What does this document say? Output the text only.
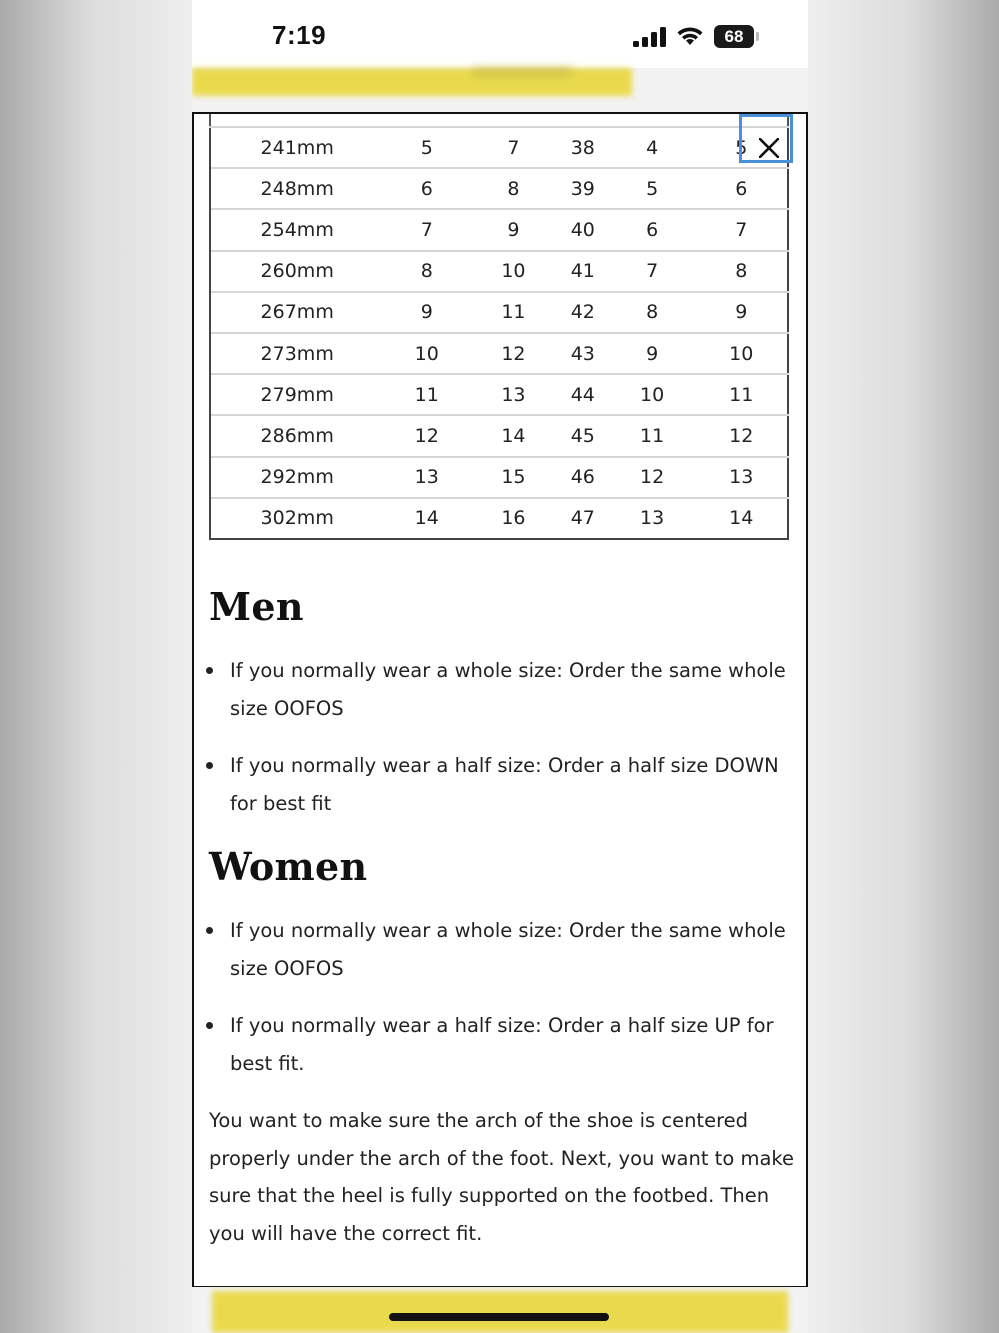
7:19	68
241mm	5	7	38	4	5
248mm	6	8	39	5	6
254mm	7	9	40	6	7
260mm	8	10	41	7	8
267mm	9	11	42	8	9
273mm	10	12	43	9	10
279mm	11	13	44	10	11
286mm	12	14	45	11	12
292mm	13	15	46	12	13
302mm	14	16	47	13	14
Men
If you normally wear a whole size: Order the same whole size OOFOS
If you normally wear a half size: Order a half size DOWN for best fit
Women
If you normally wear a whole size: Order the same whole size OOFOS
If you normally wear a half size: Order a half size UP for best fit.

You want to make sure the arch of the shoe is centered properly under the arch of the foot. Next, you want to make sure that the heel is fully supported on the footbed. Then you will have the correct fit.
